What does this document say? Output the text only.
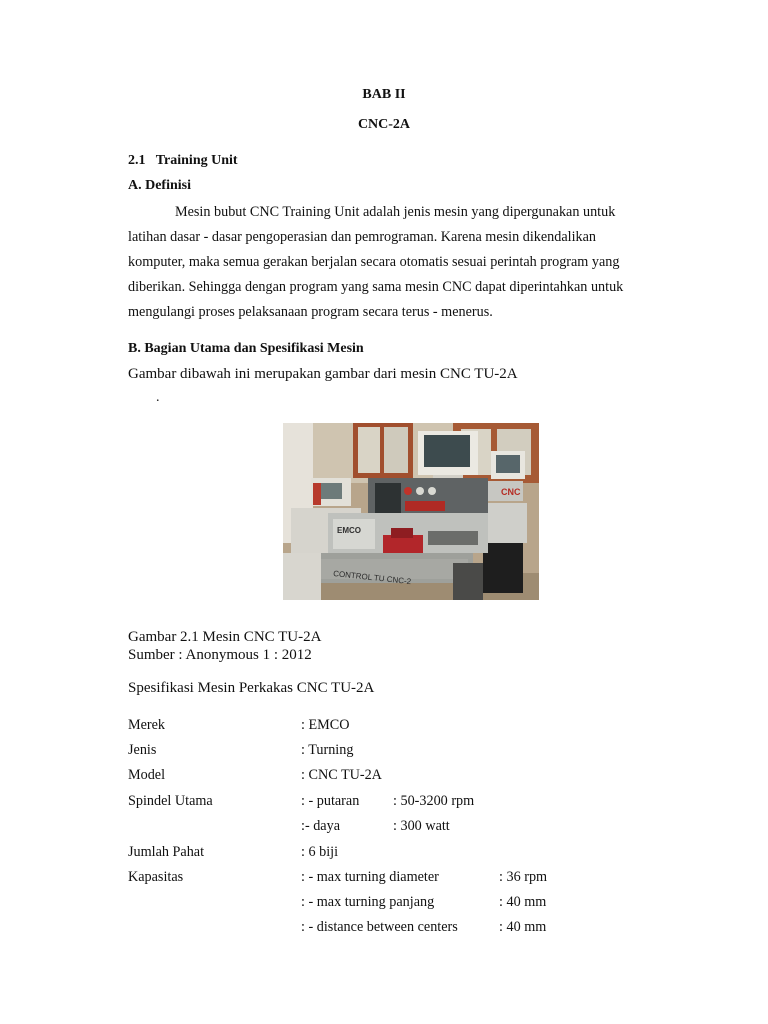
BAB II
CNC-2A
2.1   Training Unit
A. Definisi
Mesin bubut CNC Training Unit adalah jenis mesin yang dipergunakan untuk
latihan dasar - dasar pengoperasian dan pemrograman. Karena mesin dikendalikan
komputer, maka semua gerakan berjalan secara otomatis sesuai perintah program yang
diberikan. Sehingga dengan program yang sama mesin CNC dapat diperintahkan untuk
mengulangi proses pelaksanaan program secara terus - menerus.
B. Bagian Utama dan Spesifikasi Mesin
Gambar dibawah ini merupakan gambar dari mesin CNC TU-2A
.
CNC
EMCO
CONTROL TU CNC-2
Gambar 2.1 Mesin CNC TU-2A
Sumber : Anonymous 1 : 2012
Spesifikasi Mesin Perkakas CNC TU-2A
Merek	: EMCO
Jenis	: Turning
Model	: CNC TU-2A
Spindel Utama	: - putaran : 50-3200 rpm
:- daya	: 300 watt
Jumlah Pahat	: 6 biji
Kapasitas	: - max turning diameter	: 36 rpm
: - max turning panjang	: 40 mm
: - distance between centers	: 40 mm
